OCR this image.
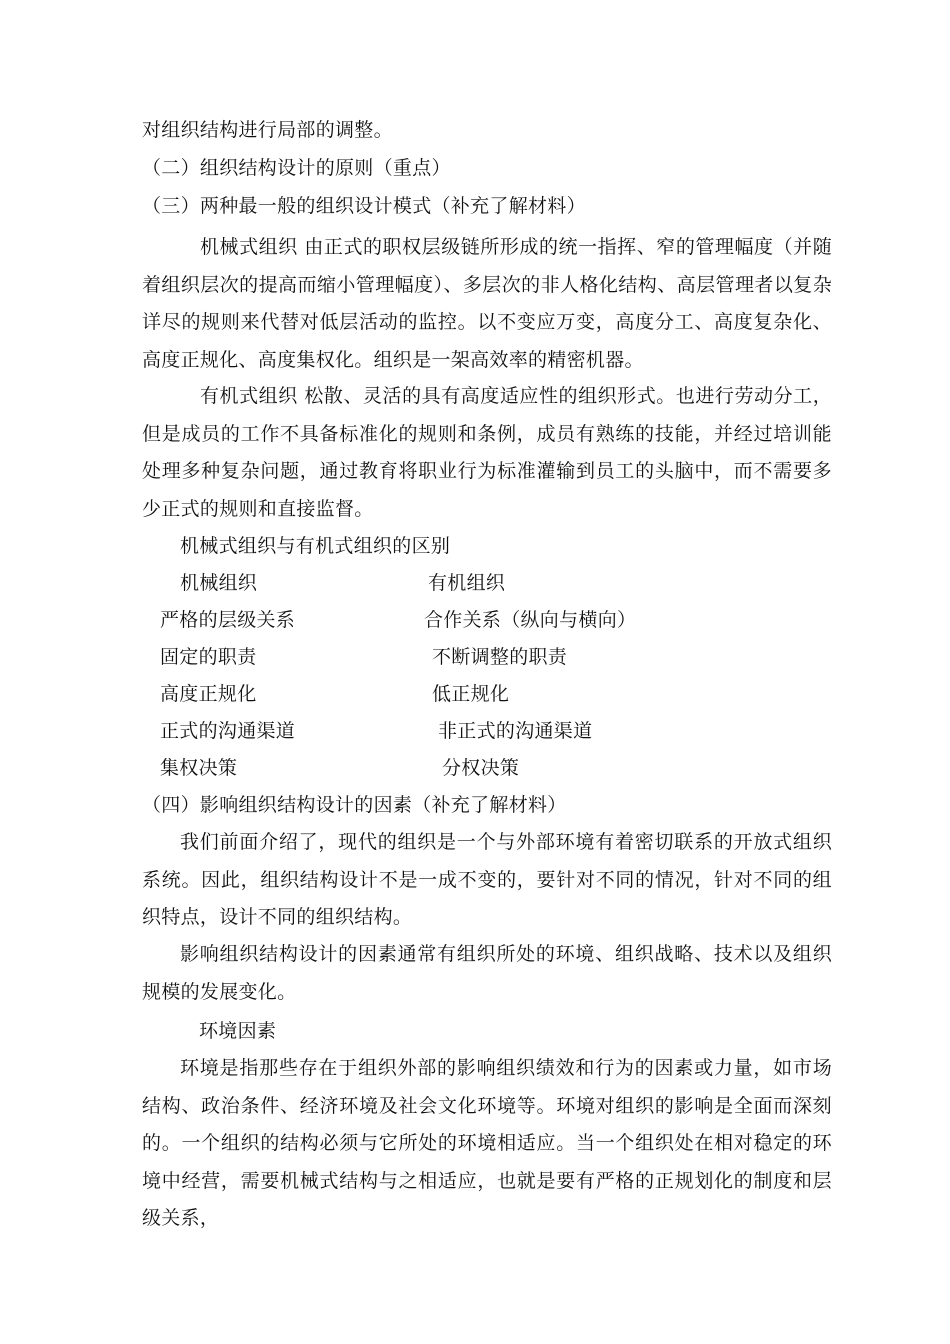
对组织结构进行局部的调整。
（二）组织结构设计的原则（重点）
（三）两种最一般的组织设计模式（补充了解材料）
机械式组织 由正式的职权层级链所形成的统一指挥、窄的管理幅度（并随着组织层次的提高而缩小管理幅度）、多层次的非人格化结构、高层管理者以复杂详尽的规则来代替对低层活动的监控。以不变应万变，高度分工、高度复杂化、高度正规化、高度集权化。组织是一架高效率的精密机器。
有机式组织 松散、灵活的具有高度适应性的组织形式。也进行劳动分工，但是成员的工作不具备标准化的规则和条例，成员有熟练的技能，并经过培训能处理多种复杂问题，通过教育将职业行为标准灌输到员工的头脑中，而不需要多少正式的规则和直接监督。
机械式组织与有机式组织的区别
机械组织	有机组织
严格的层级关系	合作关系（纵向与横向）
固定的职责	不断调整的职责
高度正规化	低正规化
正式的沟通渠道	非正式的沟通渠道
集权决策	分权决策
（四）影响组织结构设计的因素（补充了解材料）
我们前面介绍了，现代的组织是一个与外部环境有着密切联系的开放式组织系统。因此，组织结构设计不是一成不变的，要针对不同的情况，针对不同的组织特点，设计不同的组织结构。
影响组织结构设计的因素通常有组织所处的环境、组织战略、技术以及组织规模的发展变化。
环境因素
环境是指那些存在于组织外部的影响组织绩效和行为的因素或力量，如市场结构、政治条件、经济环境及社会文化环境等。环境对组织的影响是全面而深刻的。一个组织的结构必须与它所处的环境相适应。当一个组织处在相对稳定的环境中经营，需要机械式结构与之相适应，也就是要有严格的正规划化的制度和层级关系，
